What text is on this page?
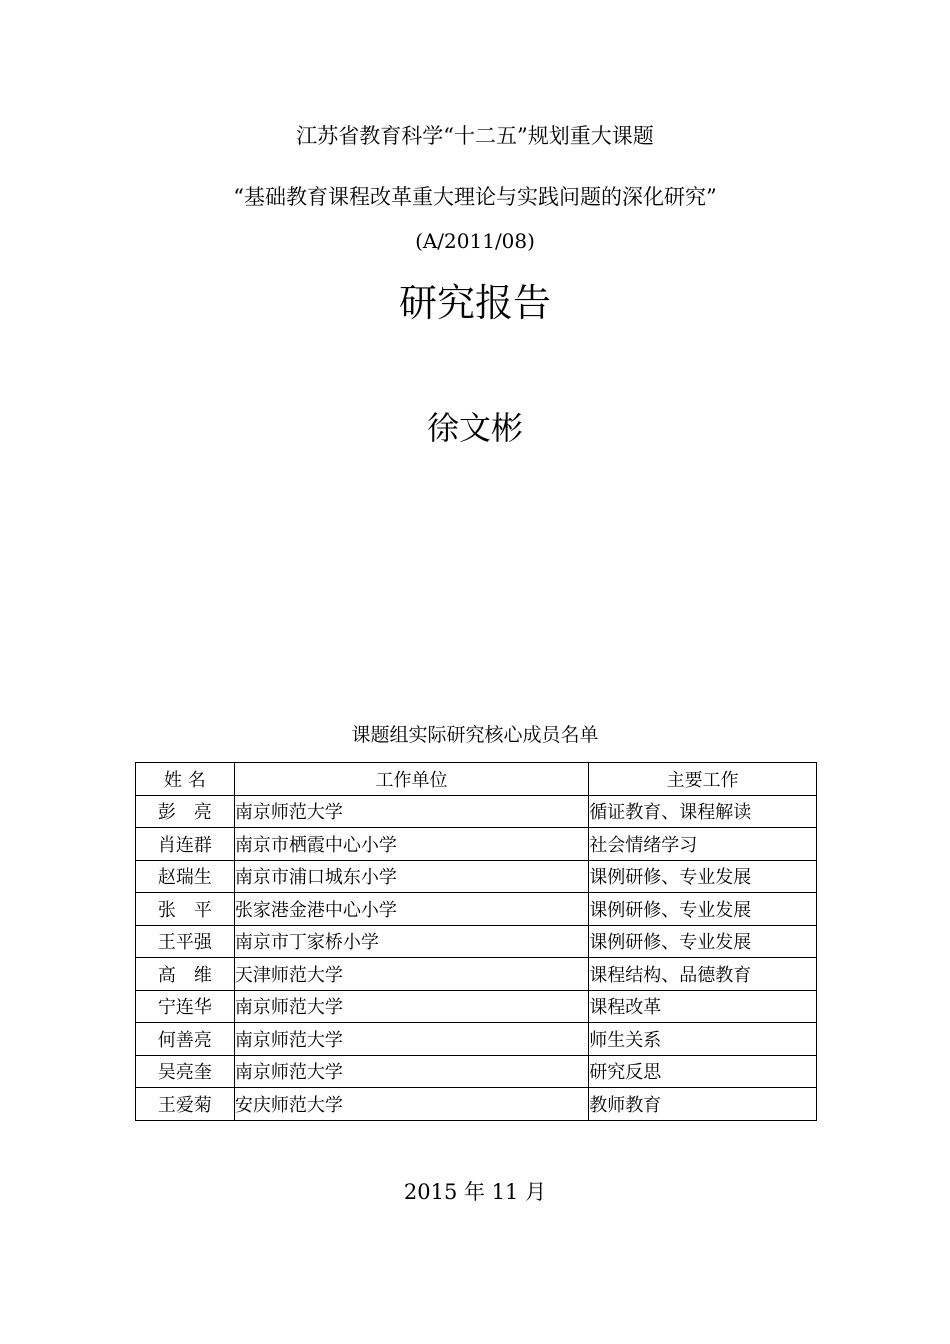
江苏省教育科学“十二五”规划重大课题
“基础教育课程改革重大理论与实践问题的深化研究”
(A/2011/08)
研究报告
徐文彬
课题组实际研究核心成员名单
姓 名	工作单位	主要工作
彭　亮	南京师范大学	循证教育、课程解读
肖连群	南京市栖霞中心小学	社会情绪学习
赵瑞生	南京市浦口城东小学	课例研修、专业发展
张　平	张家港金港中心小学	课例研修、专业发展
王平强	南京市丁家桥小学	课例研修、专业发展
高　维	天津师范大学	课程结构、品德教育
宁连华	南京师范大学	课程改革
何善亮	南京师范大学	师生关系
吴亮奎	南京师范大学	研究反思
王爱菊	安庆师范大学	教师教育
2015 年 11 月
